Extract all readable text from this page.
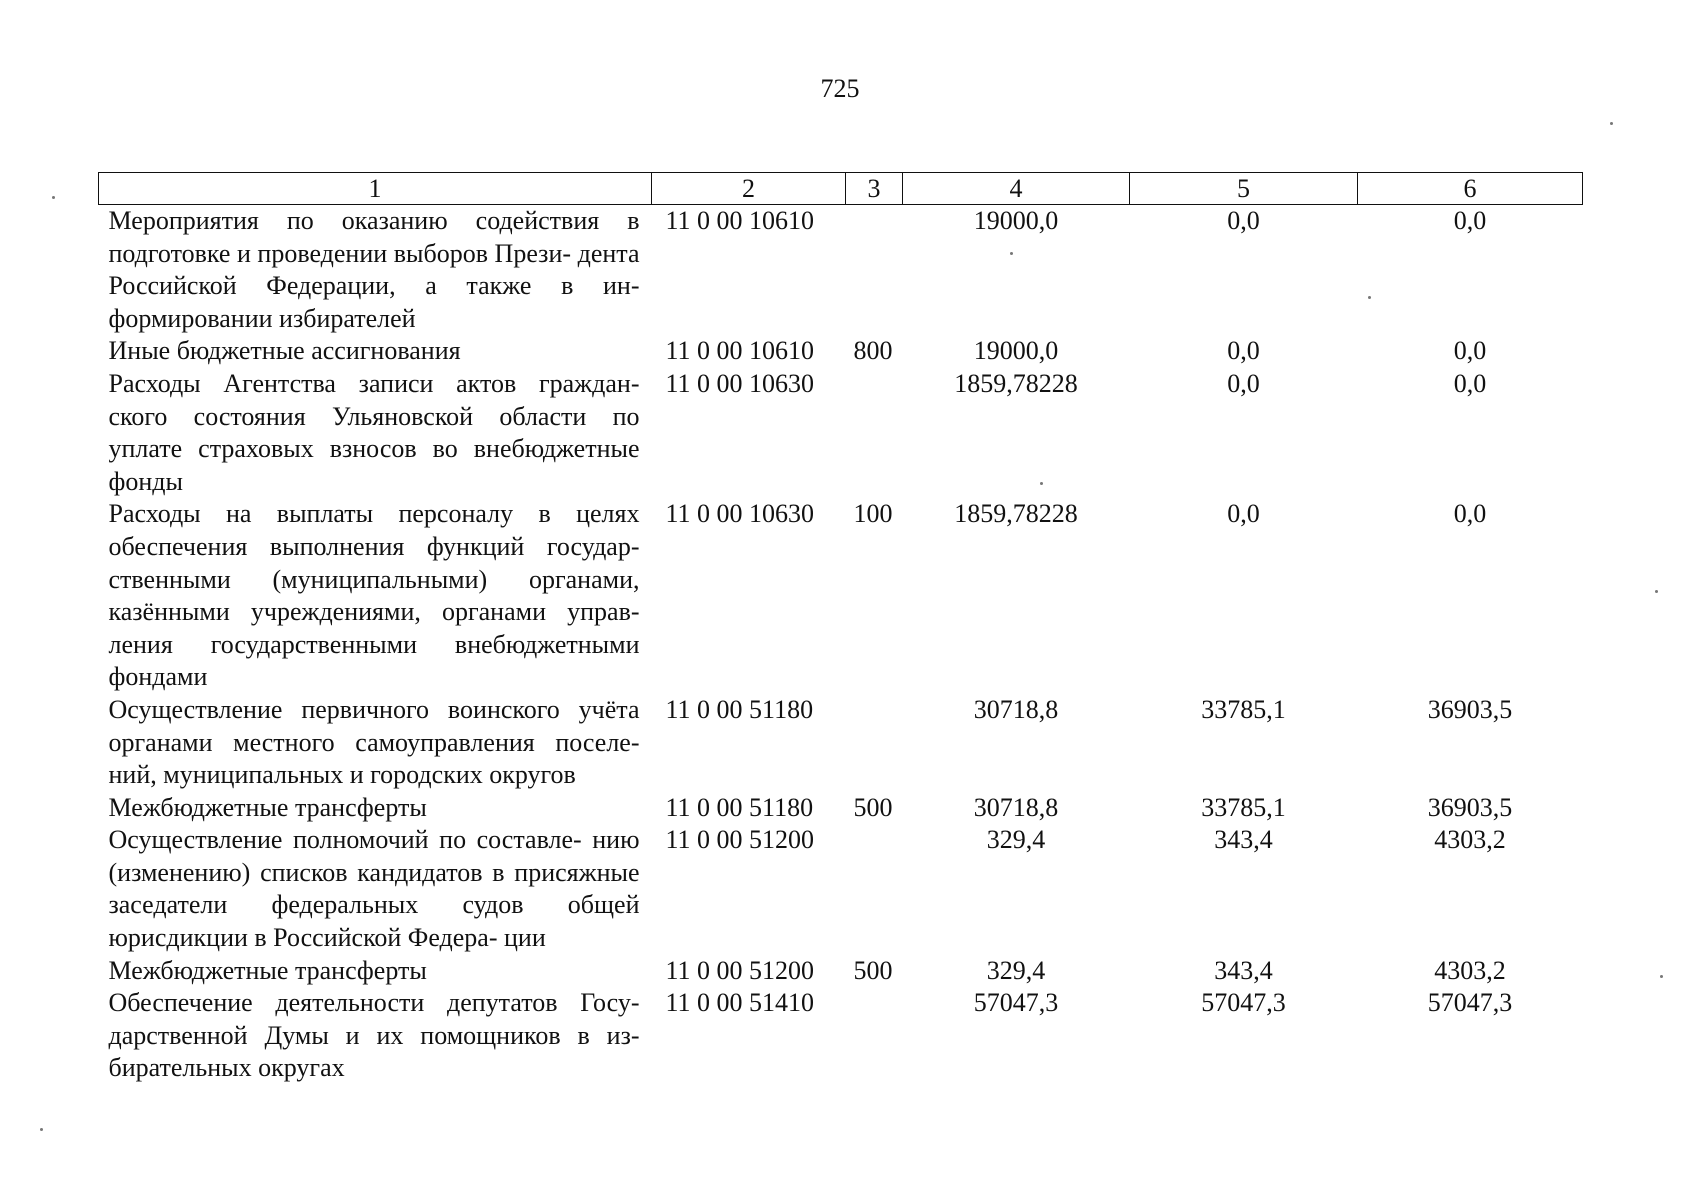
725
1	2	3	4	5	6
Мероприятия по оказанию содействия в подготовке и проведении выборов Прези- дента Российской Федерации, а также в ин- формировании избирателей	11 0 00 10610		19000,0	0,0	0,0
Иные бюджетные ассигнования	11 0 00 10610	800	19000,0	0,0	0,0
Расходы Агентства записи актов граждан- ского состояния Ульяновской области по уплате страховых взносов во внебюджетные фонды	11 0 00 10630		1859,78228	0,0	0,0
Расходы на выплаты персоналу в целях обеспечения выполнения функций государ- ственными (муниципальными) органами, казёнными учреждениями, органами управ- ления государственными внебюджетными фондами	11 0 00 10630	100	1859,78228	0,0	0,0
Осуществление первичного воинского учёта органами местного самоуправления поселе- ний, муниципальных и городских округов	11 0 00 51180		30718,8	33785,1	36903,5
Межбюджетные трансферты	11 0 00 51180	500	30718,8	33785,1	36903,5
Осуществление полномочий по составле- нию (изменению) списков кандидатов в присяжные заседатели федеральных судов общей юрисдикции в Российской Федера- ции	11 0 00 51200		329,4	343,4	4303,2
Межбюджетные трансферты	11 0 00 51200	500	329,4	343,4	4303,2
Обеспечение деятельности депутатов Госу- дарственной Думы и их помощников в из- бирательных округах	11 0 00 51410		57047,3	57047,3	57047,3
